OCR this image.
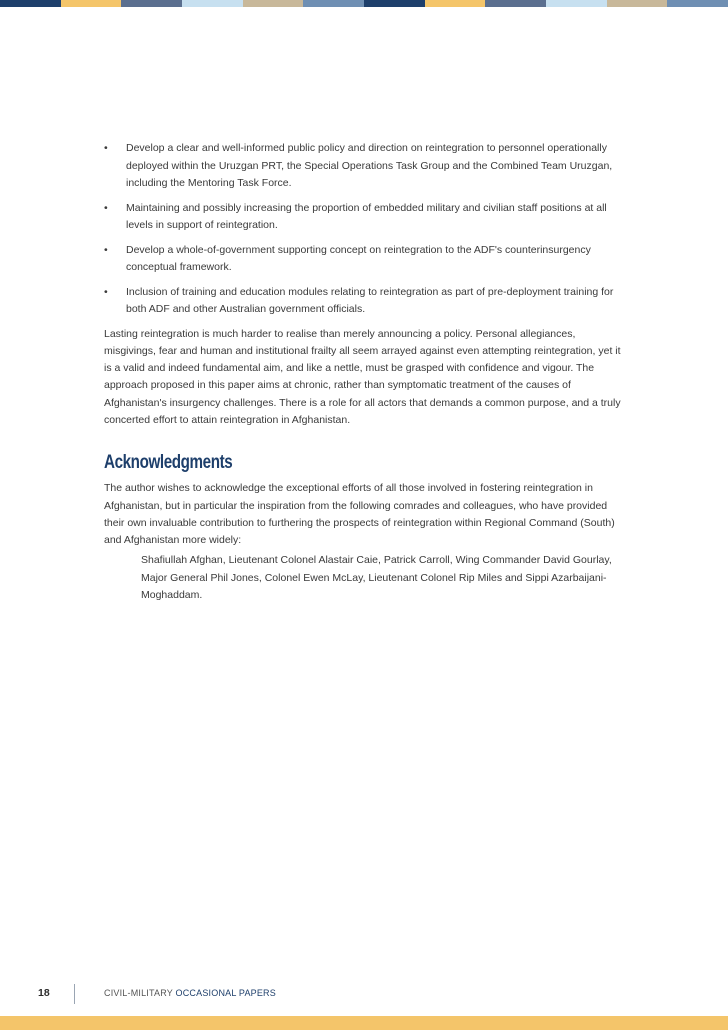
• Develop a clear and well-informed public policy and direction on reintegration to personnel operationally deployed within the Uruzgan PRT, the Special Operations Task Group and the Combined Team Uruzgan, including the Mentoring Task Force.
• Maintaining and possibly increasing the proportion of embedded military and civilian staff positions at all levels in support of reintegration.
• Develop a whole-of-government supporting concept on reintegration to the ADF's counterinsurgency conceptual framework.
• Inclusion of training and education modules relating to reintegration as part of pre-deployment training for both ADF and other Australian government officials.

Lasting reintegration is much harder to realise than merely announcing a policy. Personal allegiances, misgivings, fear and human and institutional frailty all seem arrayed against even attempting reintegration, yet it is a valid and indeed fundamental aim, and like a nettle, must be grasped with confidence and vigour. The approach proposed in this paper aims at chronic, rather than symptomatic treatment of the causes of Afghanistan's insurgency challenges. There is a role for all actors that demands a common purpose, and a truly concerted effort to attain reintegration in Afghanistan.

Acknowledgments

The author wishes to acknowledge the exceptional efforts of all those involved in fostering reintegration in Afghanistan, but in particular the inspiration from the following comrades and colleagues, who have provided their own invaluable contribution to furthering the prospects of reintegration within Regional Command (South) and Afghanistan more widely:

Shafiullah Afghan, Lieutenant Colonel Alastair Caie, Patrick Carroll, Wing Commander David Gourlay, Major General Phil Jones, Colonel Ewen McLay, Lieutenant Colonel Rip Miles and Sippi Azarbaijani-Moghaddam.

18	CIVIL-MILITARY OCCASIONAL PAPERS
